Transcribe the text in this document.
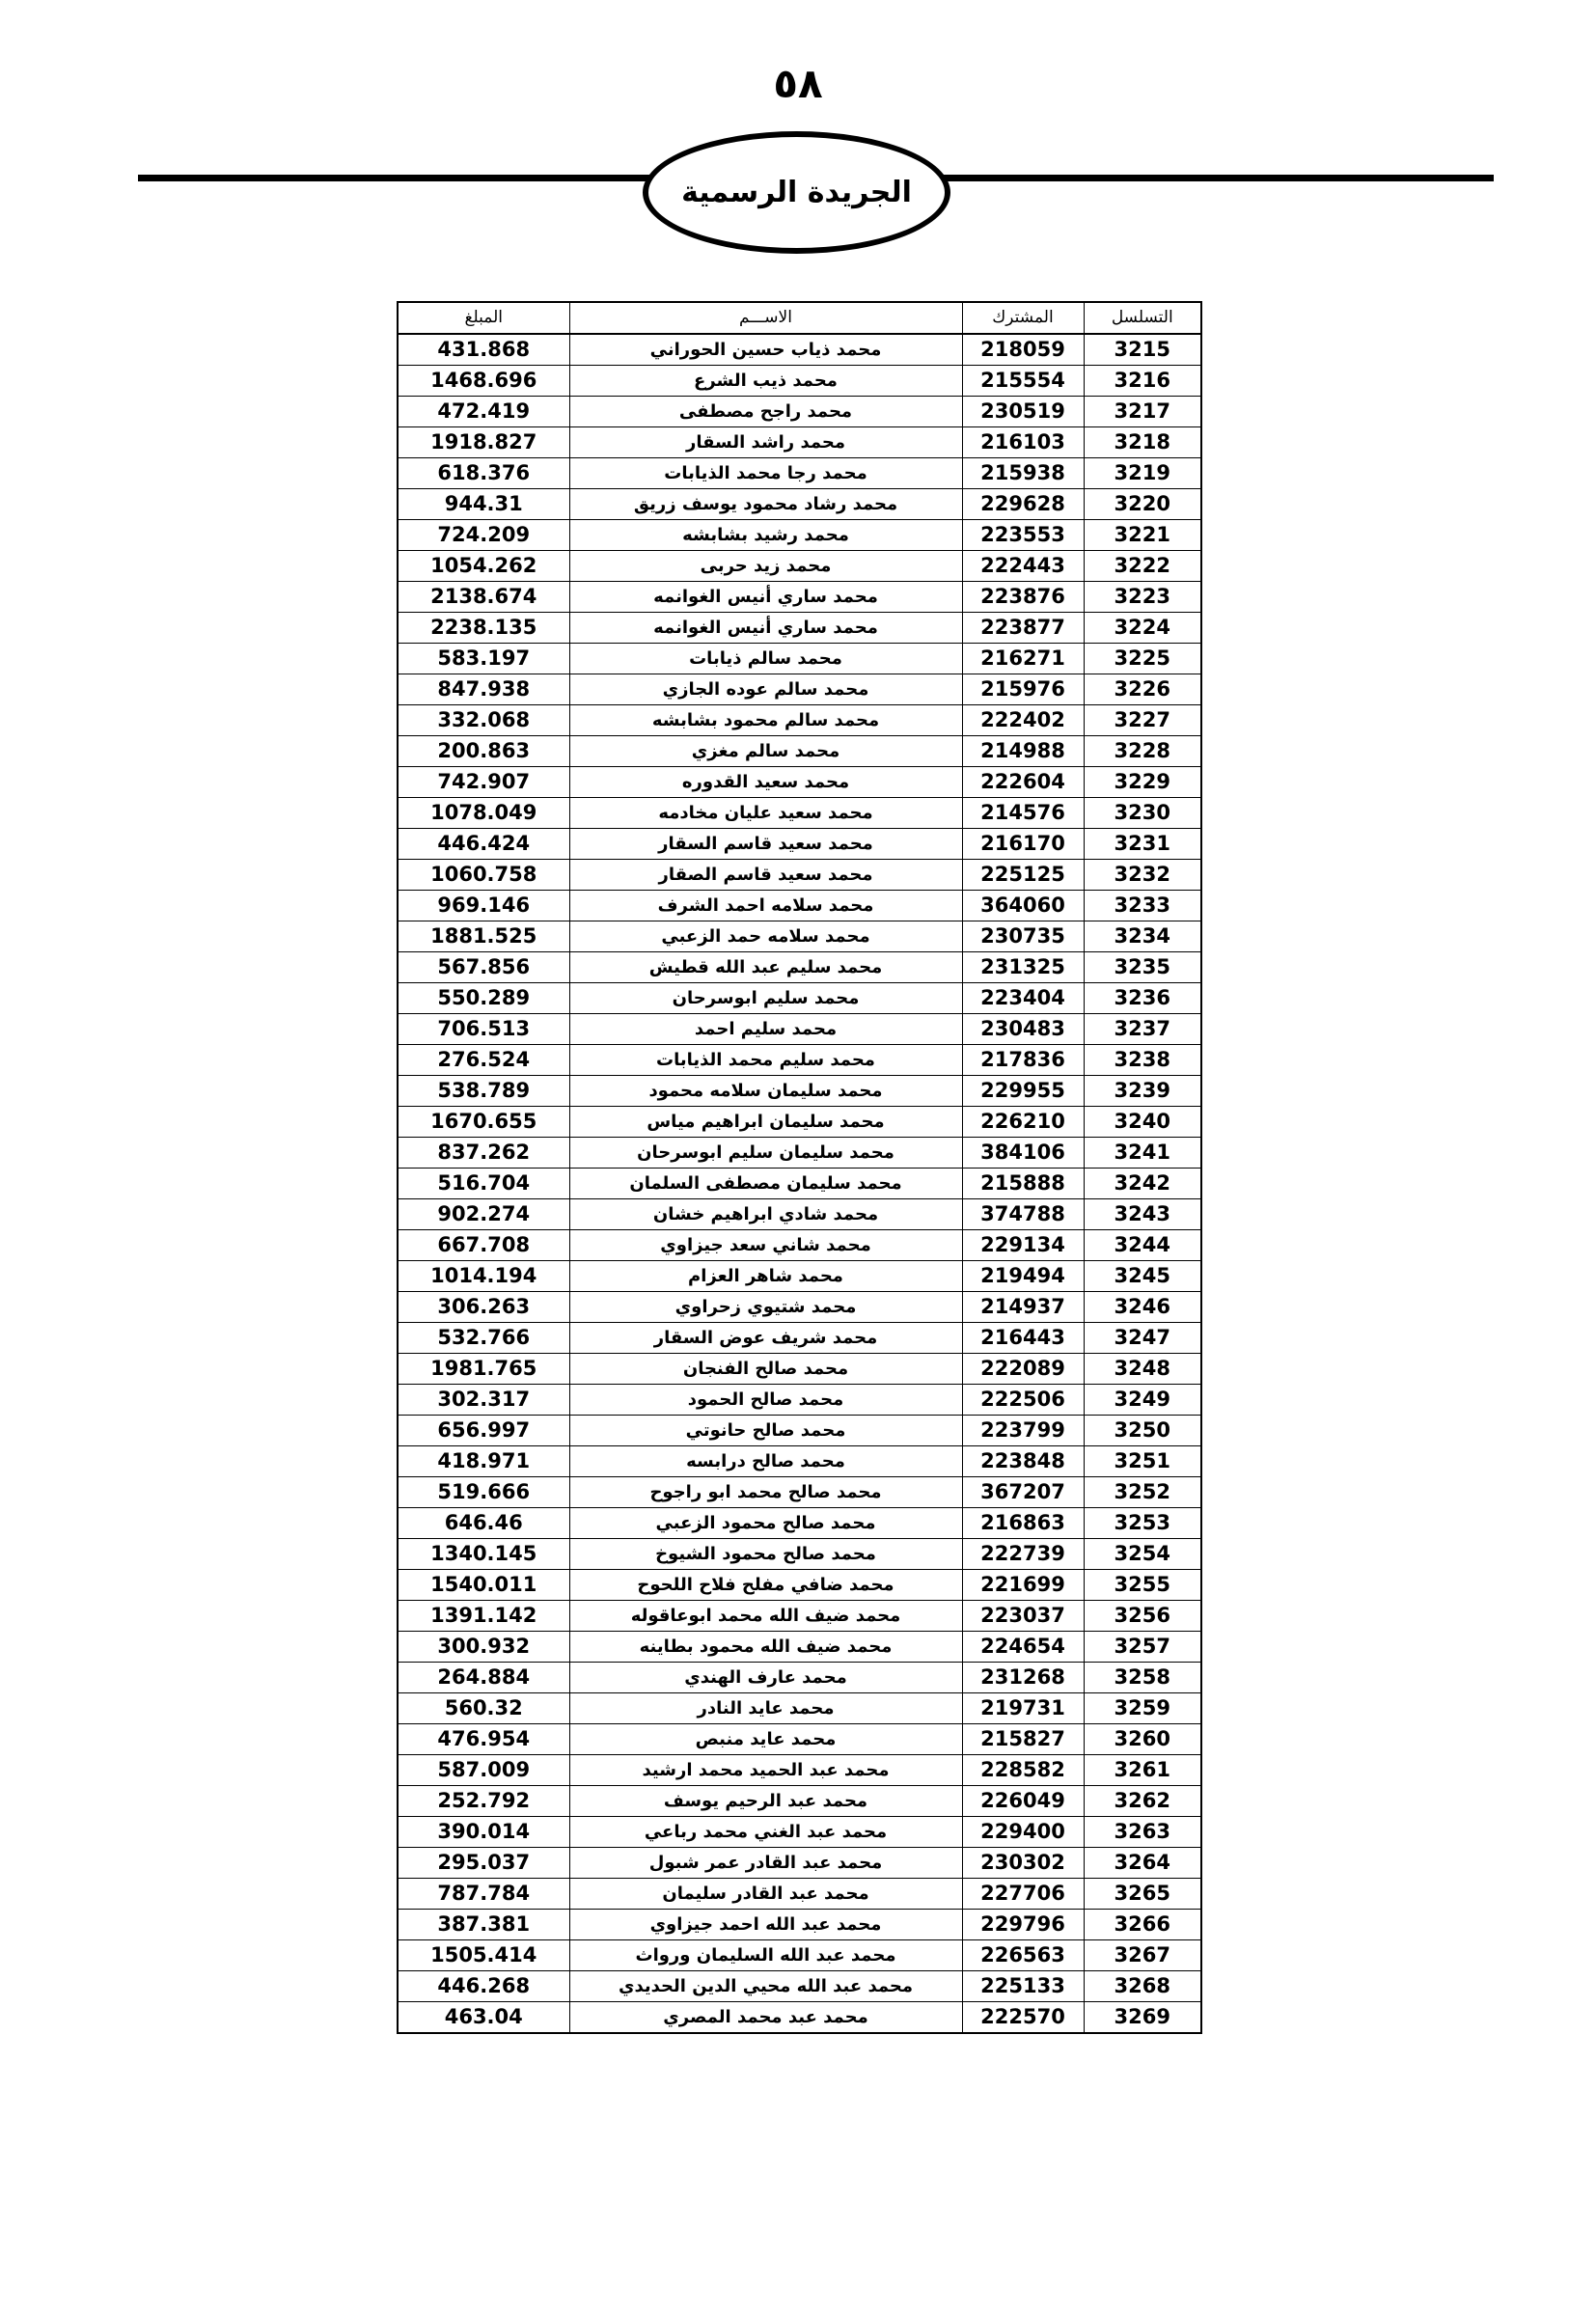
٥٨
الجريدة الرسمية
التسلسل	المشترك	الاســـم	المبلغ
3215	218059	محمد ذياب حسين الحوراني	431.868
3216	215554	محمد ذيب الشرع	1468.696
3217	230519	محمد راجح مصطفى	472.419
3218	216103	محمد راشد السقار	1918.827
3219	215938	محمد رجا محمد الذيابات	618.376
3220	229628	محمد رشاد محمود يوسف زريق	944.31
3221	223553	محمد رشيد بشابشه	724.209
3222	222443	محمد زيد حربى	1054.262
3223	223876	محمد ساري أنيس الغوانمه	2138.674
3224	223877	محمد ساري أنيس الغوانمه	2238.135
3225	216271	محمد سالم ذيابات	583.197
3226	215976	محمد سالم عوده الجازي	847.938
3227	222402	محمد سالم محمود بشابشه	332.068
3228	214988	محمد سالم مغزي	200.863
3229	222604	محمد سعيد القدوره	742.907
3230	214576	محمد سعيد عليان مخادمه	1078.049
3231	216170	محمد سعيد قاسم السقار	446.424
3232	225125	محمد سعيد قاسم الصقار	1060.758
3233	364060	محمد سلامه احمد الشرف	969.146
3234	230735	محمد سلامه حمد الزعبي	1881.525
3235	231325	محمد سليم عبد الله قطيش	567.856
3236	223404	محمد سليم ابوسرحان	550.289
3237	230483	محمد سليم احمد	706.513
3238	217836	محمد سليم محمد الذيابات	276.524
3239	229955	محمد سليمان سلامه محمود	538.789
3240	226210	محمد سليمان ابراهيم مياس	1670.655
3241	384106	محمد سليمان سليم ابوسرحان	837.262
3242	215888	محمد سليمان مصطفى السلمان	516.704
3243	374788	محمد شادي ابراهيم خشان	902.274
3244	229134	محمد شاني سعد جيزاوي	667.708
3245	219494	محمد شاهر العزام	1014.194
3246	214937	محمد شتيوي زحراوي	306.263
3247	216443	محمد شريف عوض السقار	532.766
3248	222089	محمد صالح الفنجان	1981.765
3249	222506	محمد صالح الحمود	302.317
3250	223799	محمد صالح حانوتي	656.997
3251	223848	محمد صالح درابسه	418.971
3252	367207	محمد صالح محمد ابو راجوح	519.666
3253	216863	محمد صالح محمود الزعبي	646.46
3254	222739	محمد صالح محمود الشيوخ	1340.145
3255	221699	محمد ضافي مفلح فلاح اللحوح	1540.011
3256	223037	محمد ضيف الله محمد ابوعاقوله	1391.142
3257	224654	محمد ضيف الله محمود بطاينه	300.932
3258	231268	محمد عارف الهندي	264.884
3259	219731	محمد عايد النادر	560.32
3260	215827	محمد عايد منبص	476.954
3261	228582	محمد عبد الحميد محمد ارشيد	587.009
3262	226049	محمد عبد الرحيم يوسف	252.792
3263	229400	محمد عبد الغني محمد رباعي	390.014
3264	230302	محمد عبد القادر عمر شبول	295.037
3265	227706	محمد عبد القادر سليمان	787.784
3266	229796	محمد عبد الله احمد جيزاوي	387.381
3267	226563	محمد عبد الله السليمان ورواث	1505.414
3268	225133	محمد عبد الله محيي الدين الحديدي	446.268
3269	222570	محمد عبد محمد المصري	463.04
